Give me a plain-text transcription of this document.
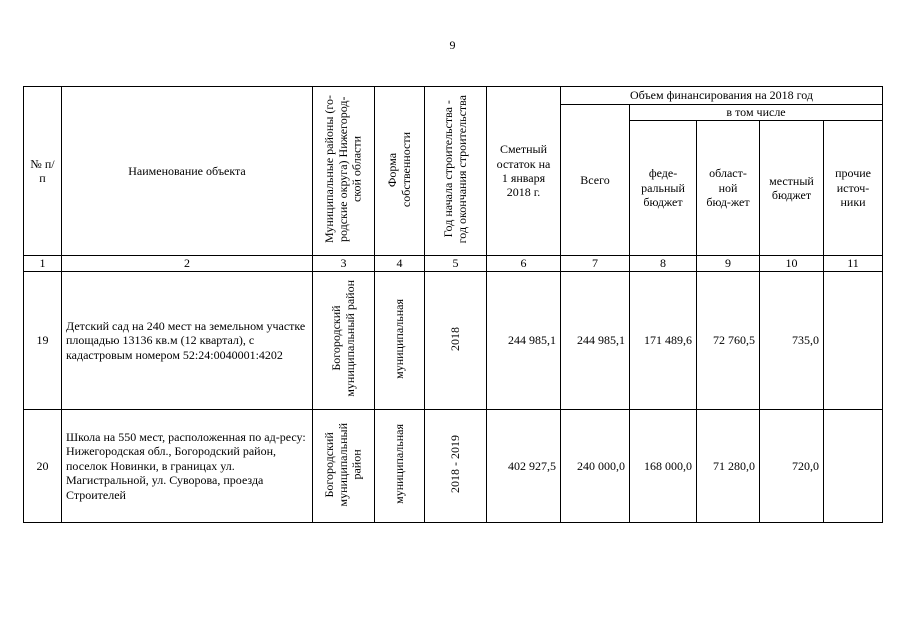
9
№ п/п	Наименование объекта	Муниципальные районы (го- родские округа) Нижегород- ской области	Форма собственности	Год начала строительства - год окончания строительства	Сметный остаток на 1 января 2018 г.	Объем финансирования на 2018 год				
						Всего	в том числе			
							феде-ральный бюджет	област-ной бюд-жет	местный бюджет	прочие источ-ники
1	2	3	4	5	6	7	8	9	10	11
19	Детский сад на 240 мест на земельном участке площадью 13136 кв.м (12 квартал), с кадастровым номером 52:24:0040001:4202	Богородский муниципальный район	муниципальная	2018	244 985,1	244 985,1	171 489,6	72 760,5	735,0	
20	Школа на 550 мест, расположенная по ад-ресу: Нижегородская обл., Богородский район, поселок Новинки, в границах ул. Магистральной, ул. Суворова, проезда Строителей	Богородский муниципальный район	муниципальная	2018 - 2019	402 927,5	240 000,0	168 000,0	71 280,0	720,0	
